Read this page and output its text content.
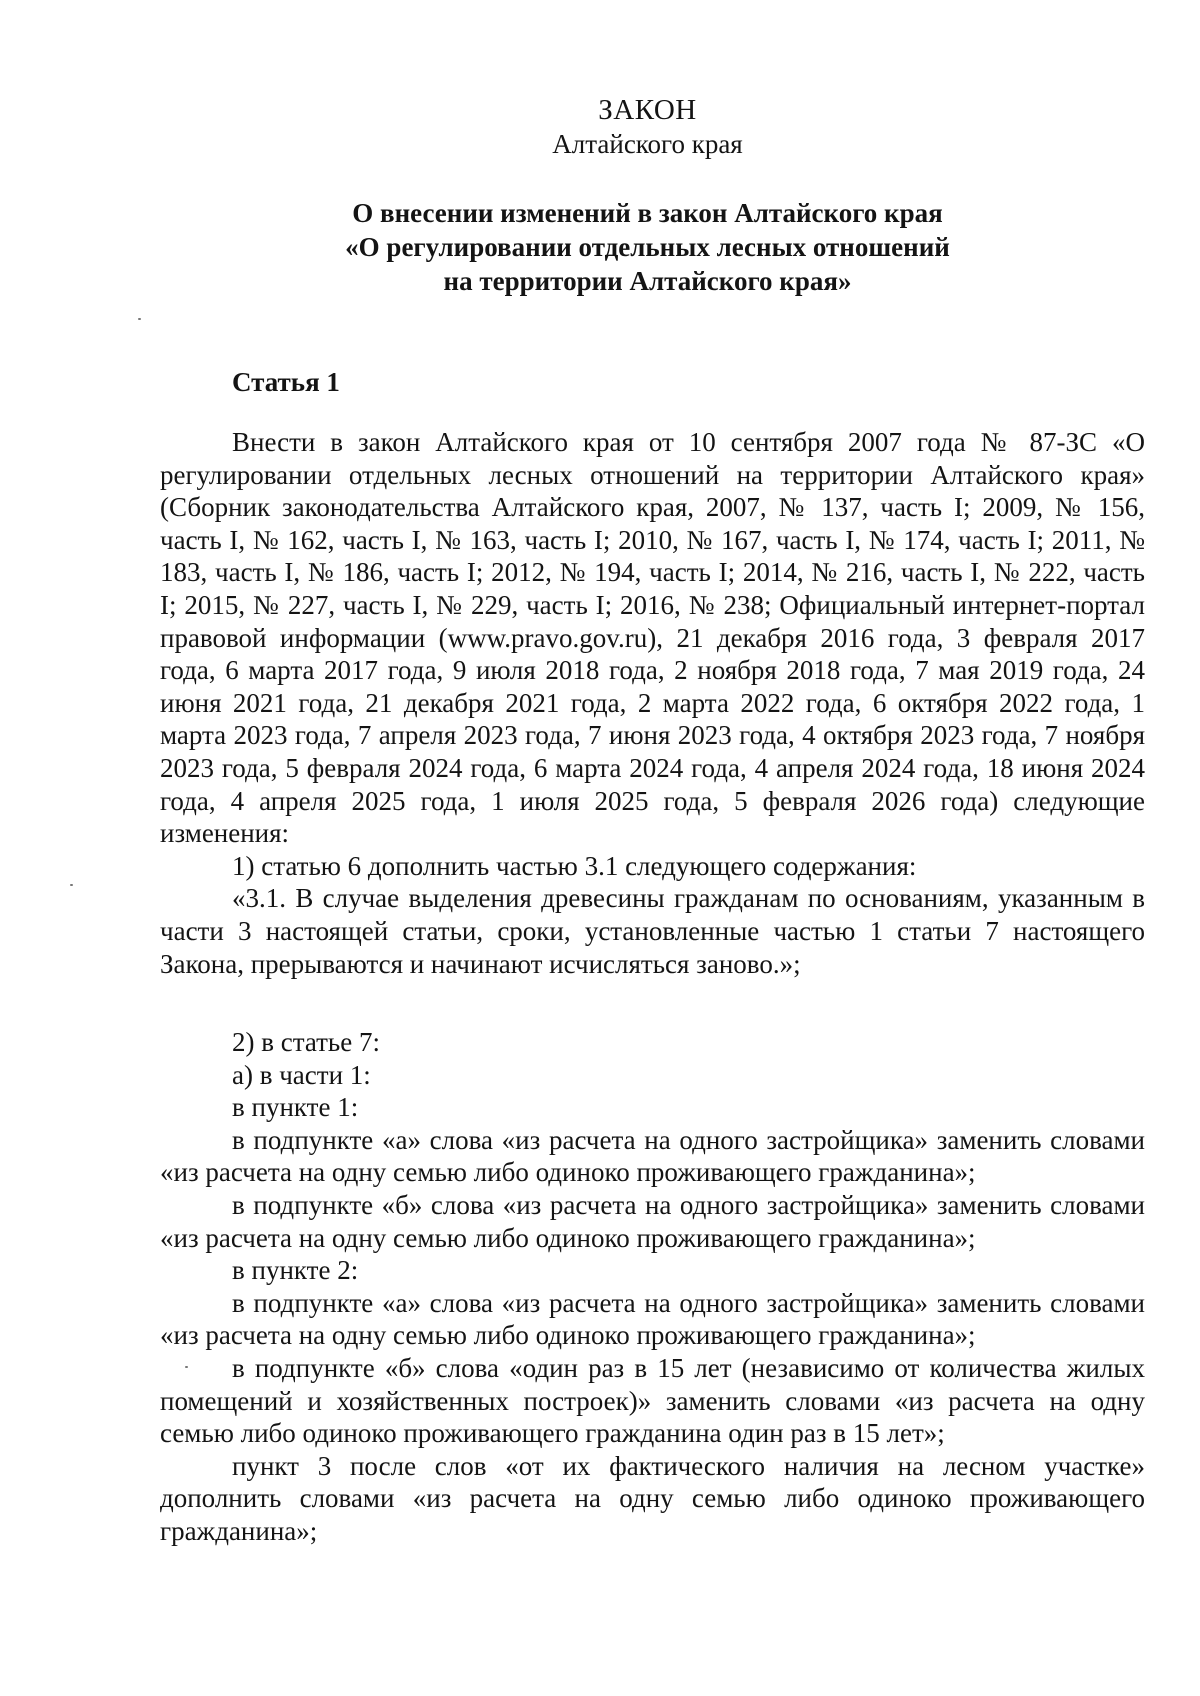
ЗАКОН
Алтайского края
О внесении изменений в закон Алтайского края
«О регулировании отдельных лесных отношений
на территории Алтайского края»
Статья 1

Внести в закон Алтайского края от 10 сентября 2007 года № 87-ЗС «О регулировании отдельных лесных отношений на территории Алтайского края» (Сборник законодательства Алтайского края, 2007, № 137, часть I; 2009, № 156, часть I, № 162, часть I, № 163, часть I; 2010, № 167, часть I, № 174, часть I; 2011, № 183, часть I, № 186, часть I; 2012, № 194, часть I; 2014, № 216, часть I, № 222, часть I; 2015, № 227, часть I, № 229, часть I; 2016, № 238; Официальный интернет-портал правовой информации (www.pravo.gov.ru), 21 декабря 2016 года, 3 февраля 2017 года, 6 марта 2017 года, 9 июля 2018 года, 2 ноября 2018 года, 7 мая 2019 года, 24 июня 2021 года, 21 декабря 2021 года, 2 марта 2022 года, 6 октября 2022 года, 1 марта 2023 года, 7 апреля 2023 года, 7 июня 2023 года, 4 октября 2023 года, 7 ноября 2023 года, 5 февраля 2024 года, 6 марта 2024 года, 4 апреля 2024 года, 18 июня 2024 года, 4 апреля 2025 года, 1 июля 2025 года, 5 февраля 2026 года) следующие изменения:

1) статью 6 дополнить частью 3.1 следующего содержания:

«3.1. В случае выделения древесины гражданам по основаниям, указанным в части 3 настоящей статьи, сроки, установленные частью 1 статьи 7 настоящего Закона, прерываются и начинают исчисляться заново.»;

2) в статье 7:

а) в части 1:

в пункте 1:

в подпункте «а» слова «из расчета на одного застройщика» заменить словами «из расчета на одну семью либо одиноко проживающего гражданина»;

в подпункте «б» слова «из расчета на одного застройщика» заменить словами «из расчета на одну семью либо одиноко проживающего гражданина»;

в пункте 2:

в подпункте «а» слова «из расчета на одного застройщика» заменить словами «из расчета на одну семью либо одиноко проживающего гражданина»;

в подпункте «б» слова «один раз в 15 лет (независимо от количества жилых помещений и хозяйственных построек)» заменить словами «из расчета на одну семью либо одиноко проживающего гражданина один раз в 15 лет»;

пункт 3 после слов «от их фактического наличия на лесном участке» дополнить словами «из расчета на одну семью либо одиноко проживающего гражданина»;
